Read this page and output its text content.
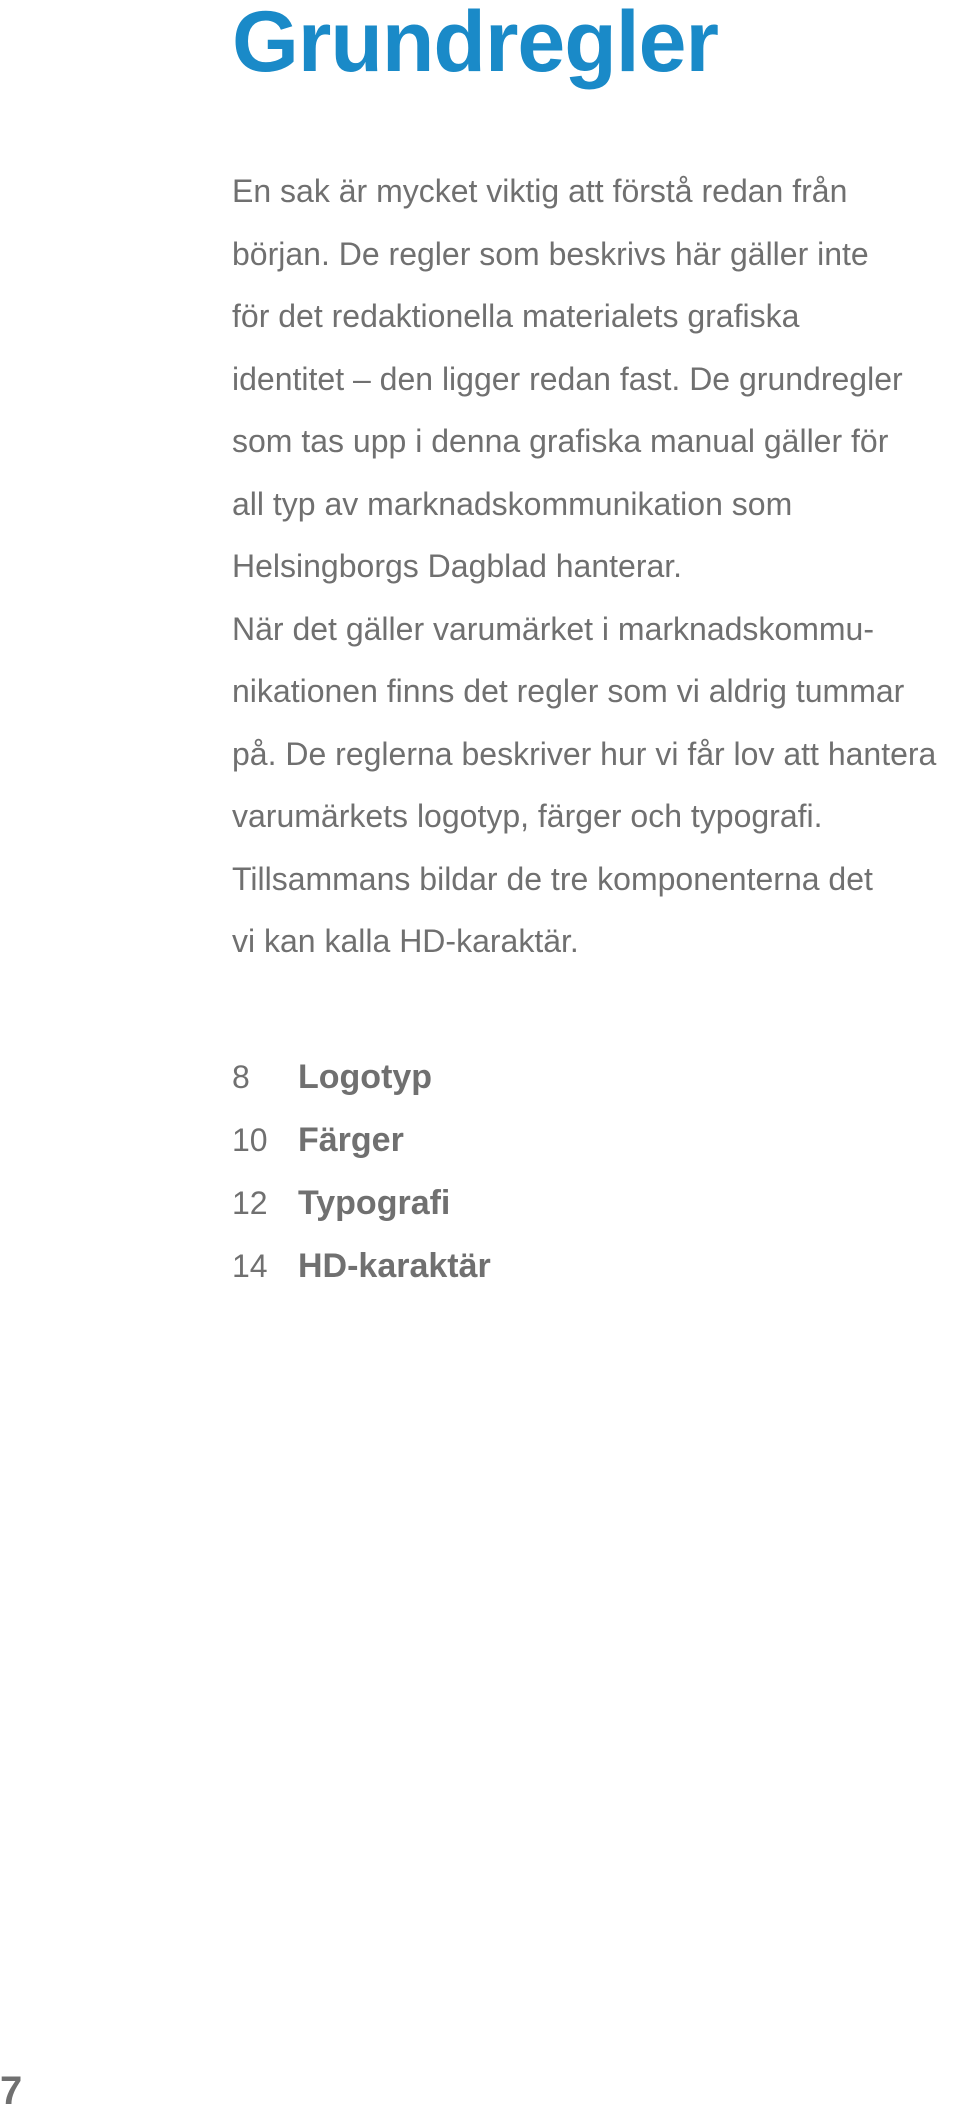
Grundregler

En sak är mycket viktig att förstå redan från
början. De regler som beskrivs här gäller inte
för det redaktionella materialets grafiska
identitet – den ligger redan fast. De grundregler
som tas upp i denna grafiska manual gäller för
all typ av marknadskommunikation som
Helsingborgs Dagblad hanterar.
När det gäller varumärket i marknadskommu-
nikationen finns det regler som vi aldrig tummar
på. De reglerna beskriver hur vi får lov att hantera
varumärkets logotyp, färger och typografi.
Tillsammans bildar de tre komponenterna det
vi kan kalla HD-karaktär.

8	Logotyp
10 Färger
12 Typografi
14 HD-karaktär
7
